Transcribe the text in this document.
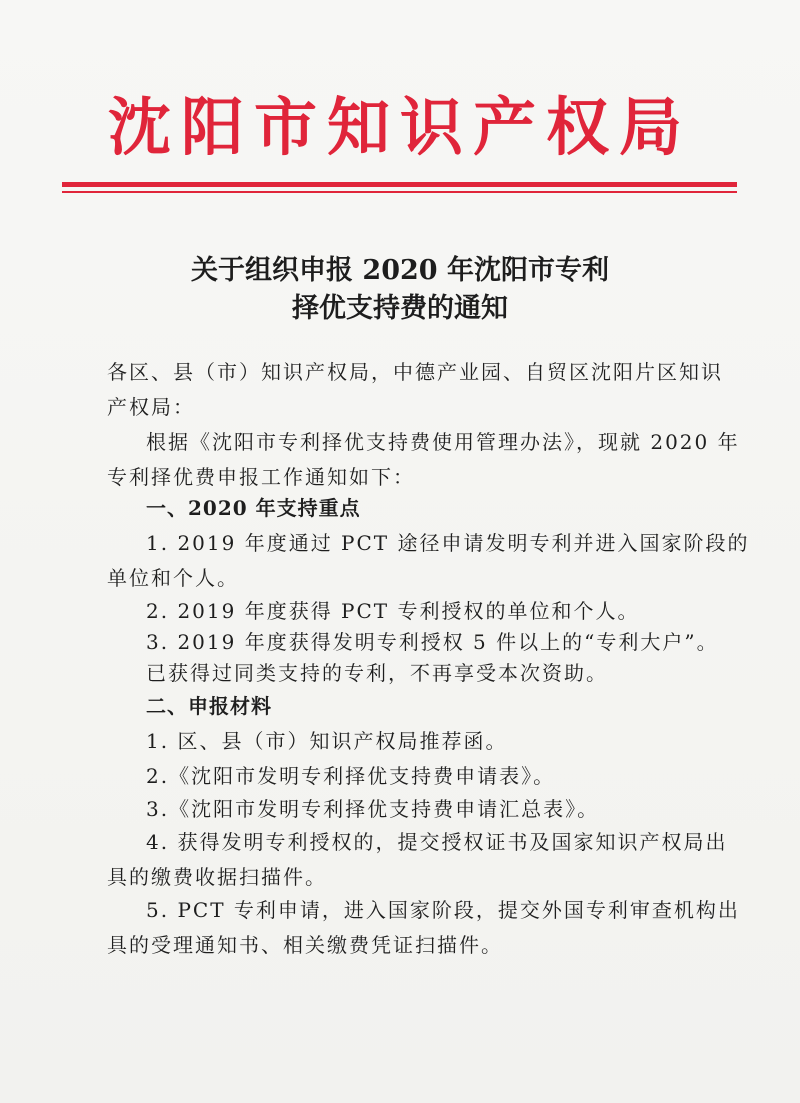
沈阳市知识产权局
关于组织申报 2020 年沈阳市专利
择优支持费的通知
各区、县（市）知识产权局，中德产业园、自贸区沈阳片区知识
产权局：
根据《沈阳市专利择优支持费使用管理办法》，现就 2020 年
专利择优费申报工作通知如下：
一、2020 年支持重点
1. 2019 年度通过 PCT 途径申请发明专利并进入国家阶段的
单位和个人。
2. 2019 年度获得 PCT 专利授权的单位和个人。
3. 2019 年度获得发明专利授权 5 件以上的“专利大户”。
已获得过同类支持的专利，不再享受本次资助。
二、申报材料
1. 区、县（市）知识产权局推荐函。
2.《沈阳市发明专利择优支持费申请表》。
3.《沈阳市发明专利择优支持费申请汇总表》。
4. 获得发明专利授权的，提交授权证书及国家知识产权局出
具的缴费收据扫描件。
5. PCT 专利申请，进入国家阶段，提交外国专利审查机构出
具的受理通知书、相关缴费凭证扫描件。
